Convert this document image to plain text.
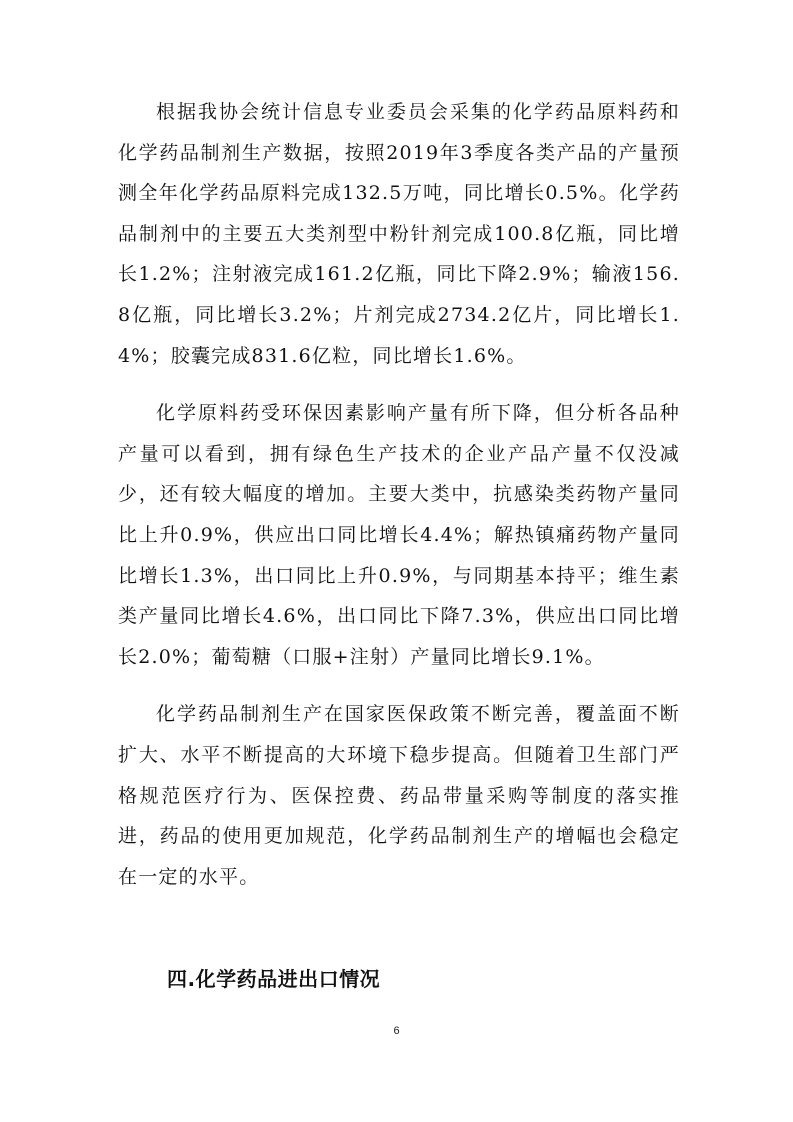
根据我协会统计信息专业委员会采集的化学药品原料药和化学药品制剂生产数据，按照2019年3季度各类产品的产量预测全年化学药品原料完成132.5万吨，同比增长0.5%。化学药品制剂中的主要五大类剂型中粉针剂完成100.8亿瓶，同比增长1.2%；注射液完成161.2亿瓶，同比下降2.9%；输液156.8亿瓶，同比增长3.2%；片剂完成2734.2亿片，同比增长1.4%；胶囊完成831.6亿粒，同比增长1.6%。

化学原料药受环保因素影响产量有所下降，但分析各品种产量可以看到，拥有绿色生产技术的企业产品产量不仅没减少，还有较大幅度的增加。主要大类中，抗感染类药物产量同比上升0.9%，供应出口同比增长4.4%；解热镇痛药物产量同比增长1.3%，出口同比上升0.9%，与同期基本持平；维生素类产量同比增长4.6%，出口同比下降7.3%，供应出口同比增长2.0%；葡萄糖（口服+注射）产量同比增长9.1%。

化学药品制剂生产在国家医保政策不断完善，覆盖面不断扩大、水平不断提高的大环境下稳步提高。但随着卫生部门严格规范医疗行为、医保控费、药品带量采购等制度的落实推进，药品的使用更加规范，化学药品制剂生产的增幅也会稳定在一定的水平。

四.化学药品进出口情况
6
